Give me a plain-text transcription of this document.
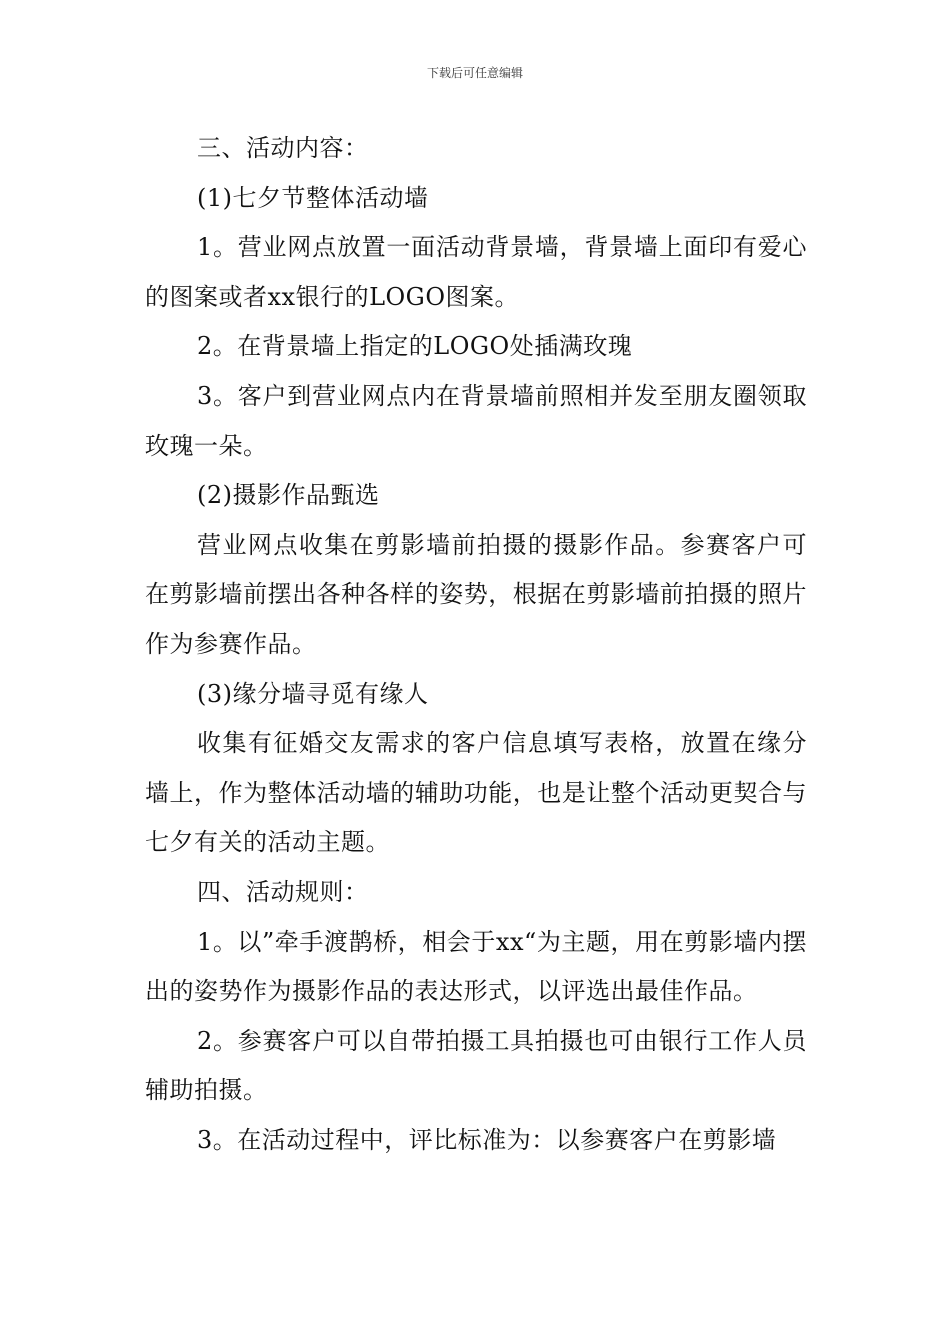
下载后可任意编辑

三、活动内容：

(1)七夕节整体活动墙

1。营业网点放置一面活动背景墙，背景墙上面印有爱心的图案或者xx银行的LOGO图案。

2。在背景墙上指定的LOGO处插满玫瑰

3。客户到营业网点内在背景墙前照相并发至朋友圈领取玫瑰一朵。

(2)摄影作品甄选

营业网点收集在剪影墙前拍摄的摄影作品。参赛客户可在剪影墙前摆出各种各样的姿势，根据在剪影墙前拍摄的照片作为参赛作品。

(3)缘分墙寻觅有缘人

收集有征婚交友需求的客户信息填写表格，放置在缘分墙上，作为整体活动墙的辅助功能，也是让整个活动更契合与七夕有关的活动主题。

四、活动规则：

1。以”牵手渡鹊桥，相会于xx“为主题，用在剪影墙内摆出的姿势作为摄影作品的表达形式，以评选出最佳作品。

2。参赛客户可以自带拍摄工具拍摄也可由银行工作人员辅助拍摄。

3。在活动过程中，评比标准为：以参赛客户在剪影墙
